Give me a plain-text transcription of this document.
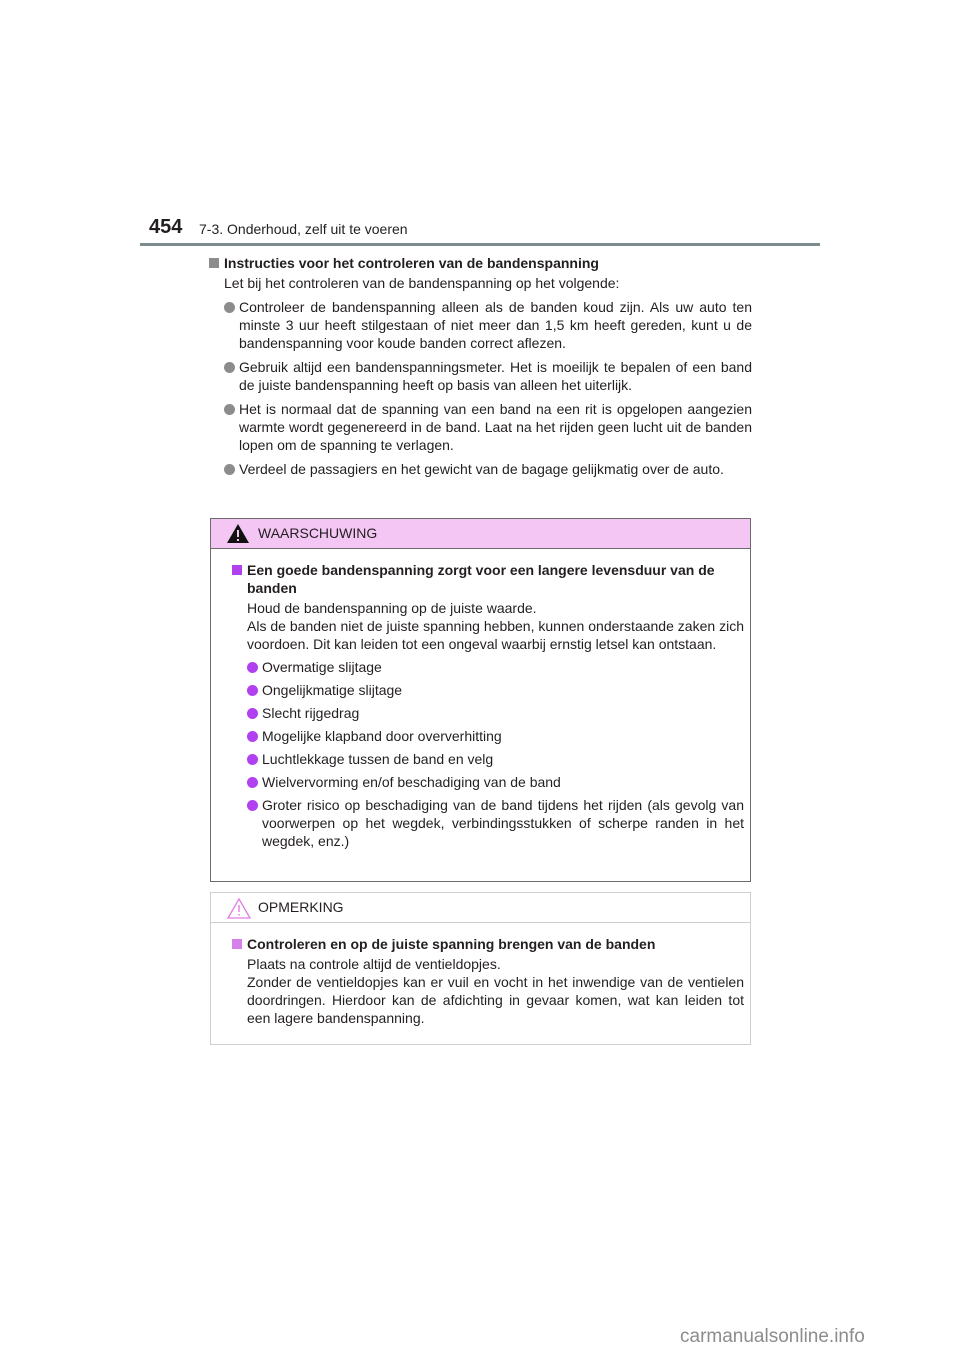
454 7-3. Onderhoud, zelf uit te voeren
Instructies voor het controleren van de bandenspanning
Let bij het controleren van de bandenspanning op het volgende:
Controleer de bandenspanning alleen als de banden koud zijn. Als uw auto ten minste 3 uur heeft stilgestaan of niet meer dan 1,5 km heeft gereden, kunt u de bandenspanning voor koude banden correct aflezen.
Gebruik altijd een bandenspanningsmeter. Het is moeilijk te bepalen of een band de juiste bandenspanning heeft op basis van alleen het uiterlijk.
Het is normaal dat de spanning van een band na een rit is opgelopen aangezien warmte wordt gegenereerd in de band. Laat na het rijden geen lucht uit de banden lopen om de spanning te verlagen.
Verdeel de passagiers en het gewicht van de bagage gelijkmatig over de auto.
WAARSCHUWING
Een goede bandenspanning zorgt voor een langere levensduur van de banden
Houd de bandenspanning op de juiste waarde.
Als de banden niet de juiste spanning hebben, kunnen onderstaande zaken zich voordoen. Dit kan leiden tot een ongeval waarbij ernstig letsel kan ontstaan.
Overmatige slijtage
Ongelijkmatige slijtage
Slecht rijgedrag
Mogelijke klapband door oververhitting
Luchtlekkage tussen de band en velg
Wielvervorming en/of beschadiging van de band
Groter risico op beschadiging van de band tijdens het rijden (als gevolg van voorwerpen op het wegdek, verbindingsstukken of scherpe randen in het wegdek, enz.)
OPMERKING
Controleren en op de juiste spanning brengen van de banden
Plaats na controle altijd de ventieldopjes.
Zonder de ventieldopjes kan er vuil en vocht in het inwendige van de ventielen doordringen. Hierdoor kan de afdichting in gevaar komen, wat kan leiden tot een lagere bandenspanning.
carmanualsonline.info
